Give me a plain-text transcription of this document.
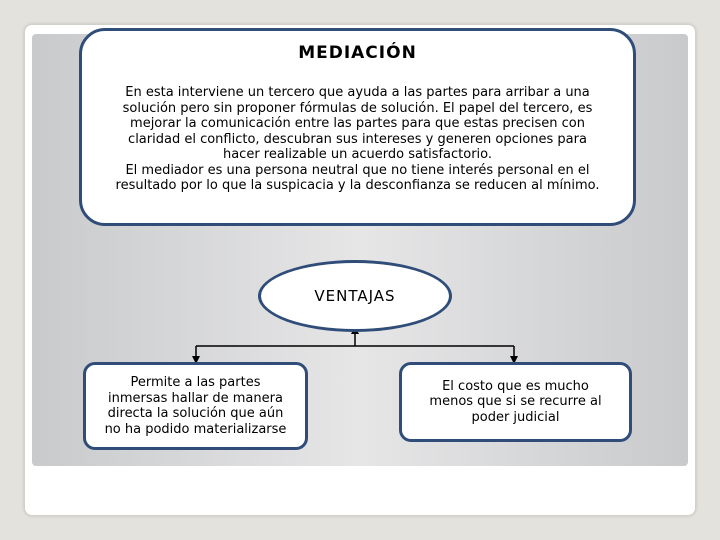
MEDIACIÓN
En esta interviene un tercero que ayuda a las partes para arribar a una
solución pero sin proponer fórmulas de solución. El papel del tercero, es
mejorar la comunicación entre las partes para que estas precisen con
claridad el conflicto, descubran sus intereses y generen opciones para
hacer realizable un acuerdo satisfactorio.
El mediador es una persona neutral que no tiene interés personal en el
resultado por lo que la suspicacia y la desconfianza se reducen al mínimo.
VENTAJAS
Permite a las partes
inmersas hallar de manera
directa la solución que aún
no ha podido materializarse
El costo que es mucho
menos que si se recurre al
poder judicial
